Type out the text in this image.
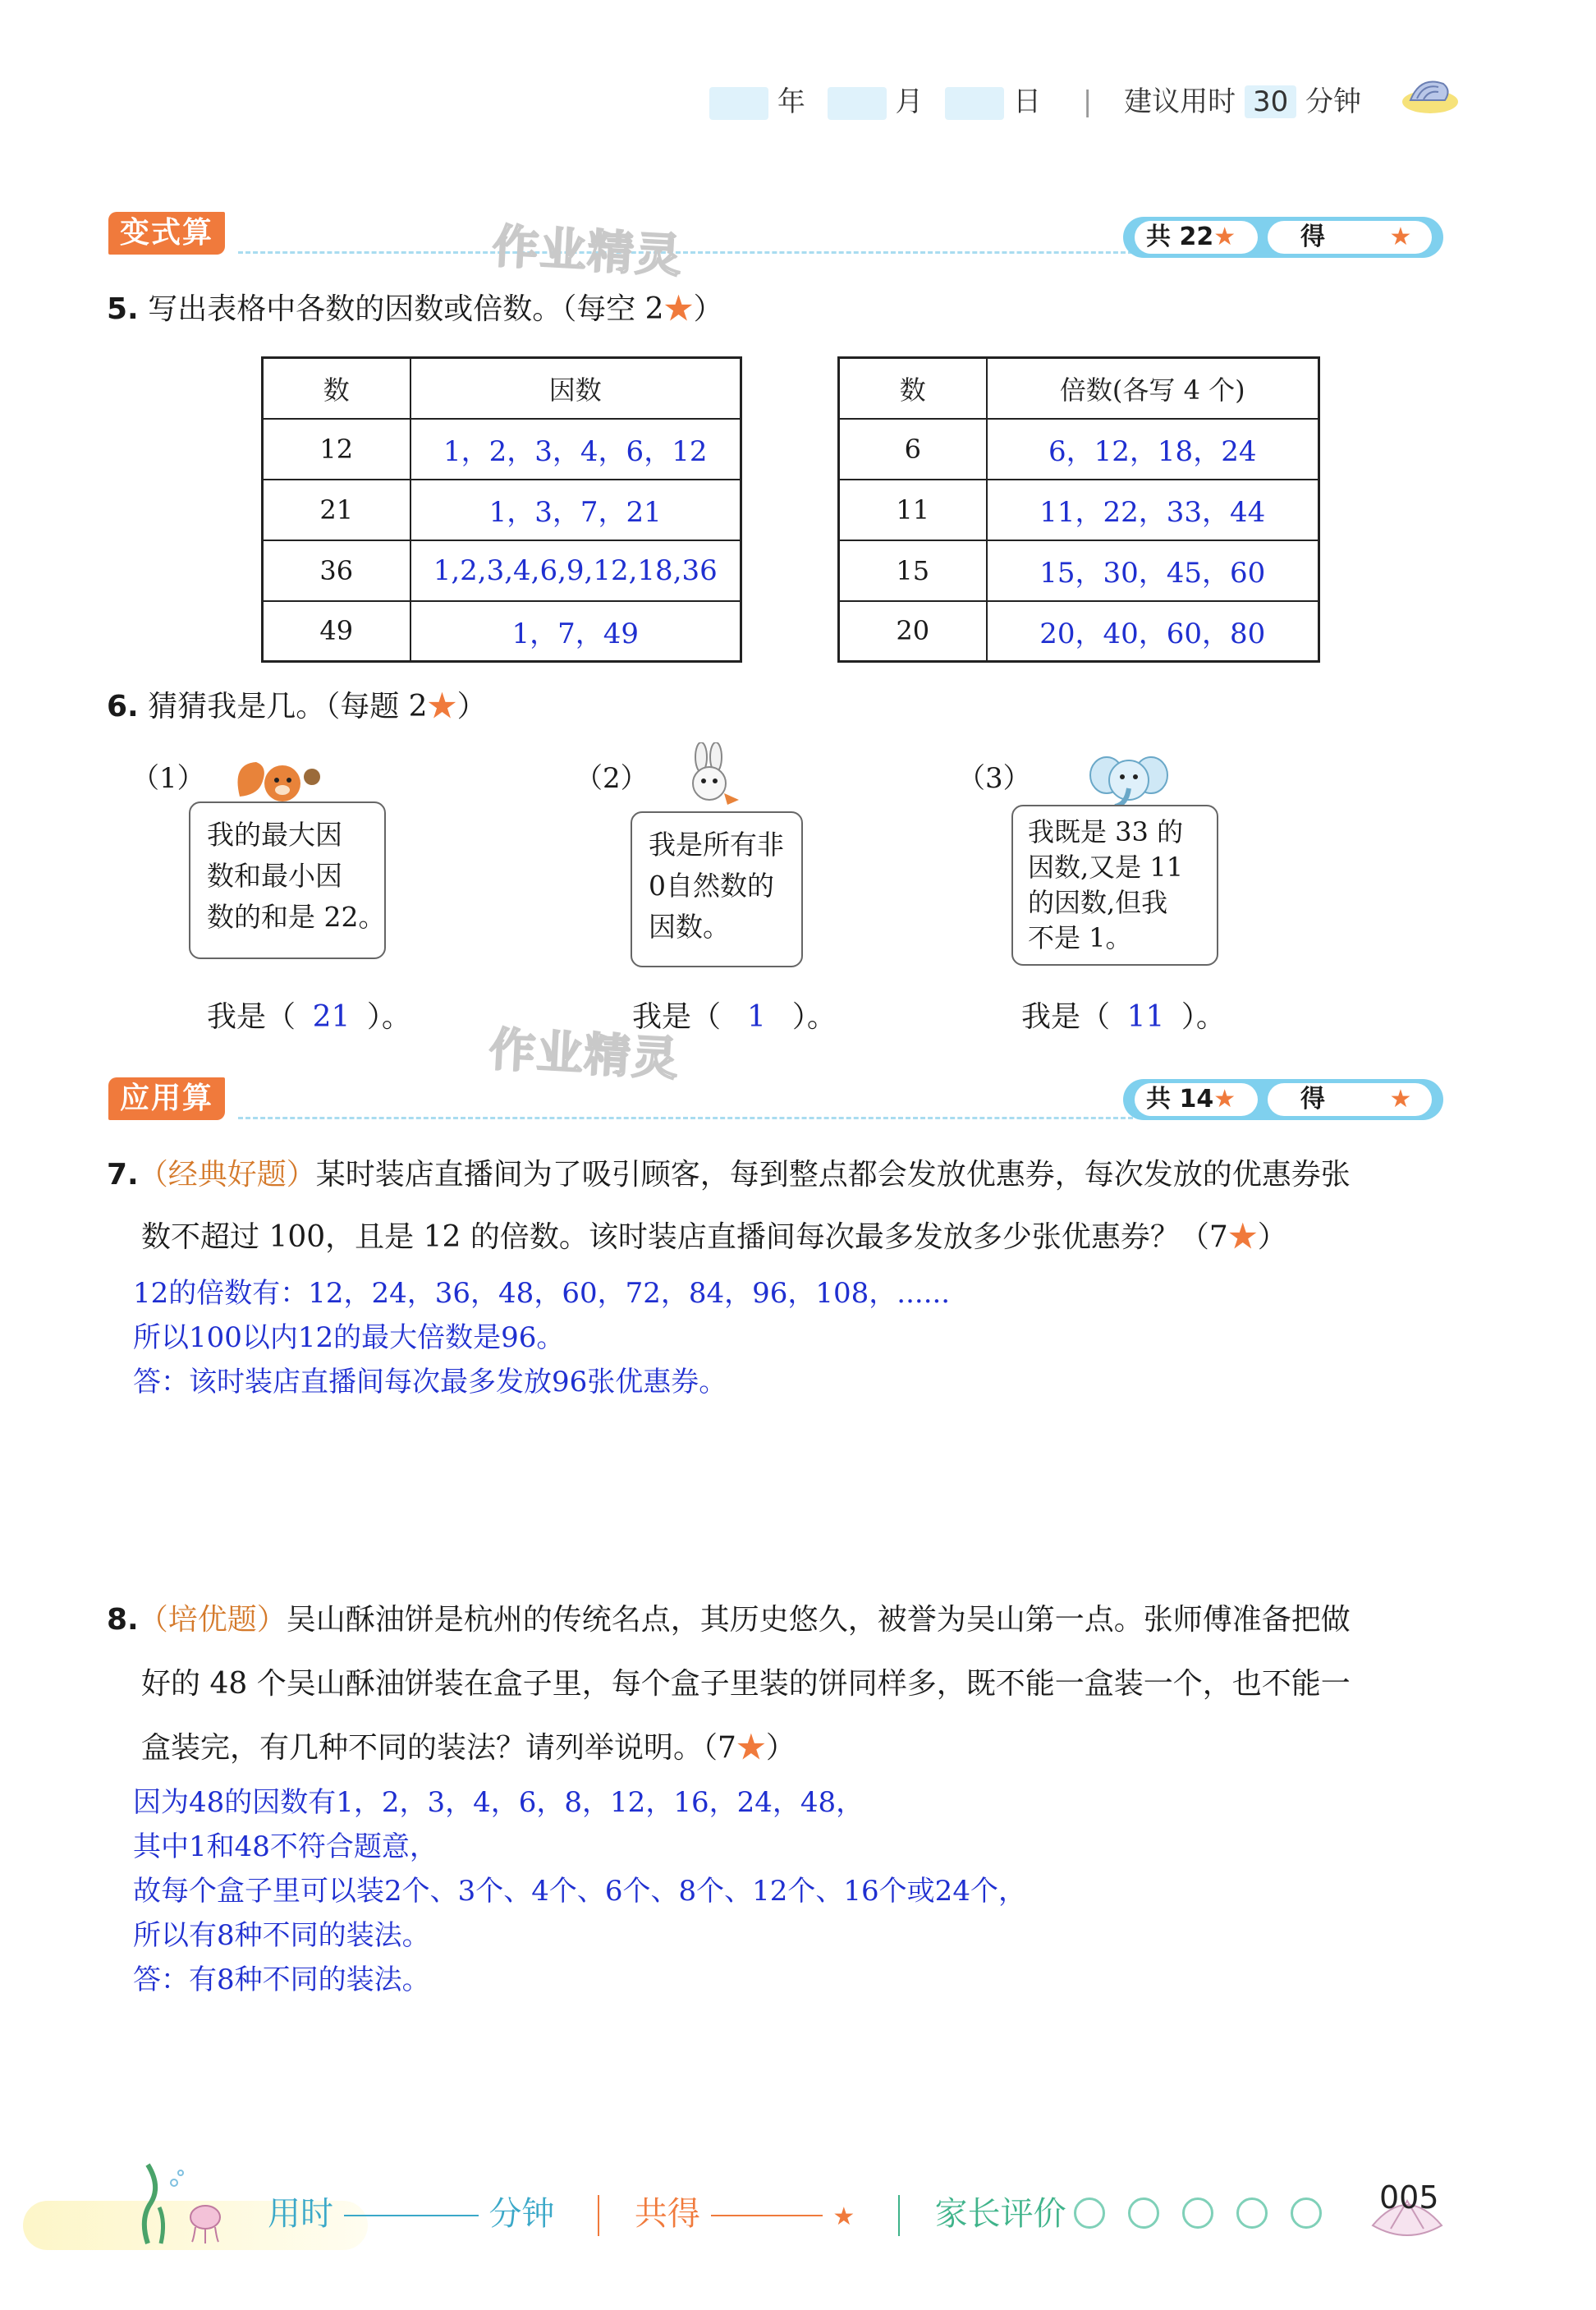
年	月	日 | 建议用时 30 分钟
变式算	作业精灵	共 22★	得	★
5. 写出表格中各数的因数或倍数。（每空 2★）
数	因数
12	1，2，3，4，6，12
21	1，3，7，21
36	1,2,3,4,6,9,12,18,36
49	1，7，49
数	倍数(各写 4 个)
6	6，12，18，24
11	11，22，33，44
15	15，30，45，60
20	20，40，60，80
6. 猜猜我是几。（每题 2★）
（1）
我的最大因
数和最小因
数的和是 22。
我是（ 21 ）。
（2）
我是所有非
0自然数的
因数。
我是（ 1 ）。
（3）
我既是 33 的
因数,又是 11
的因数,但我
不是 1。
我是（ 11 ）。
作业精灵
应用算	共 14★	得	★
7.（经典好题）某时装店直播间为了吸引顾客，每到整点都会发放优惠券，每次发放的优惠券张
数不超过 100，且是 12 的倍数。该时装店直播间每次最多发放多少张优惠券？（7★）
12的倍数有：12，24，36，48，60，72，84，96，108，......
所以100以内12的最大倍数是96。
答：该时装店直播间每次最多发放96张优惠券。
8.（培优题）吴山酥油饼是杭州的传统名点，其历史悠久，被誉为吴山第一点。张师傅准备把做
好的 48 个吴山酥油饼装在盒子里，每个盒子里装的饼同样多，既不能一盒装一个，也不能一
盒装完，有几种不同的装法？请列举说明。（7★）
因为48的因数有1，2，3，4，6，8，12，16，24，48，
其中1和48不符合题意，
故每个盒子里可以装2个、3个、4个、6个、8个、12个、16个或24个，
所以有8种不同的装法。
答：有8种不同的装法。
用时	分钟 共得	★ 家长评价	005
